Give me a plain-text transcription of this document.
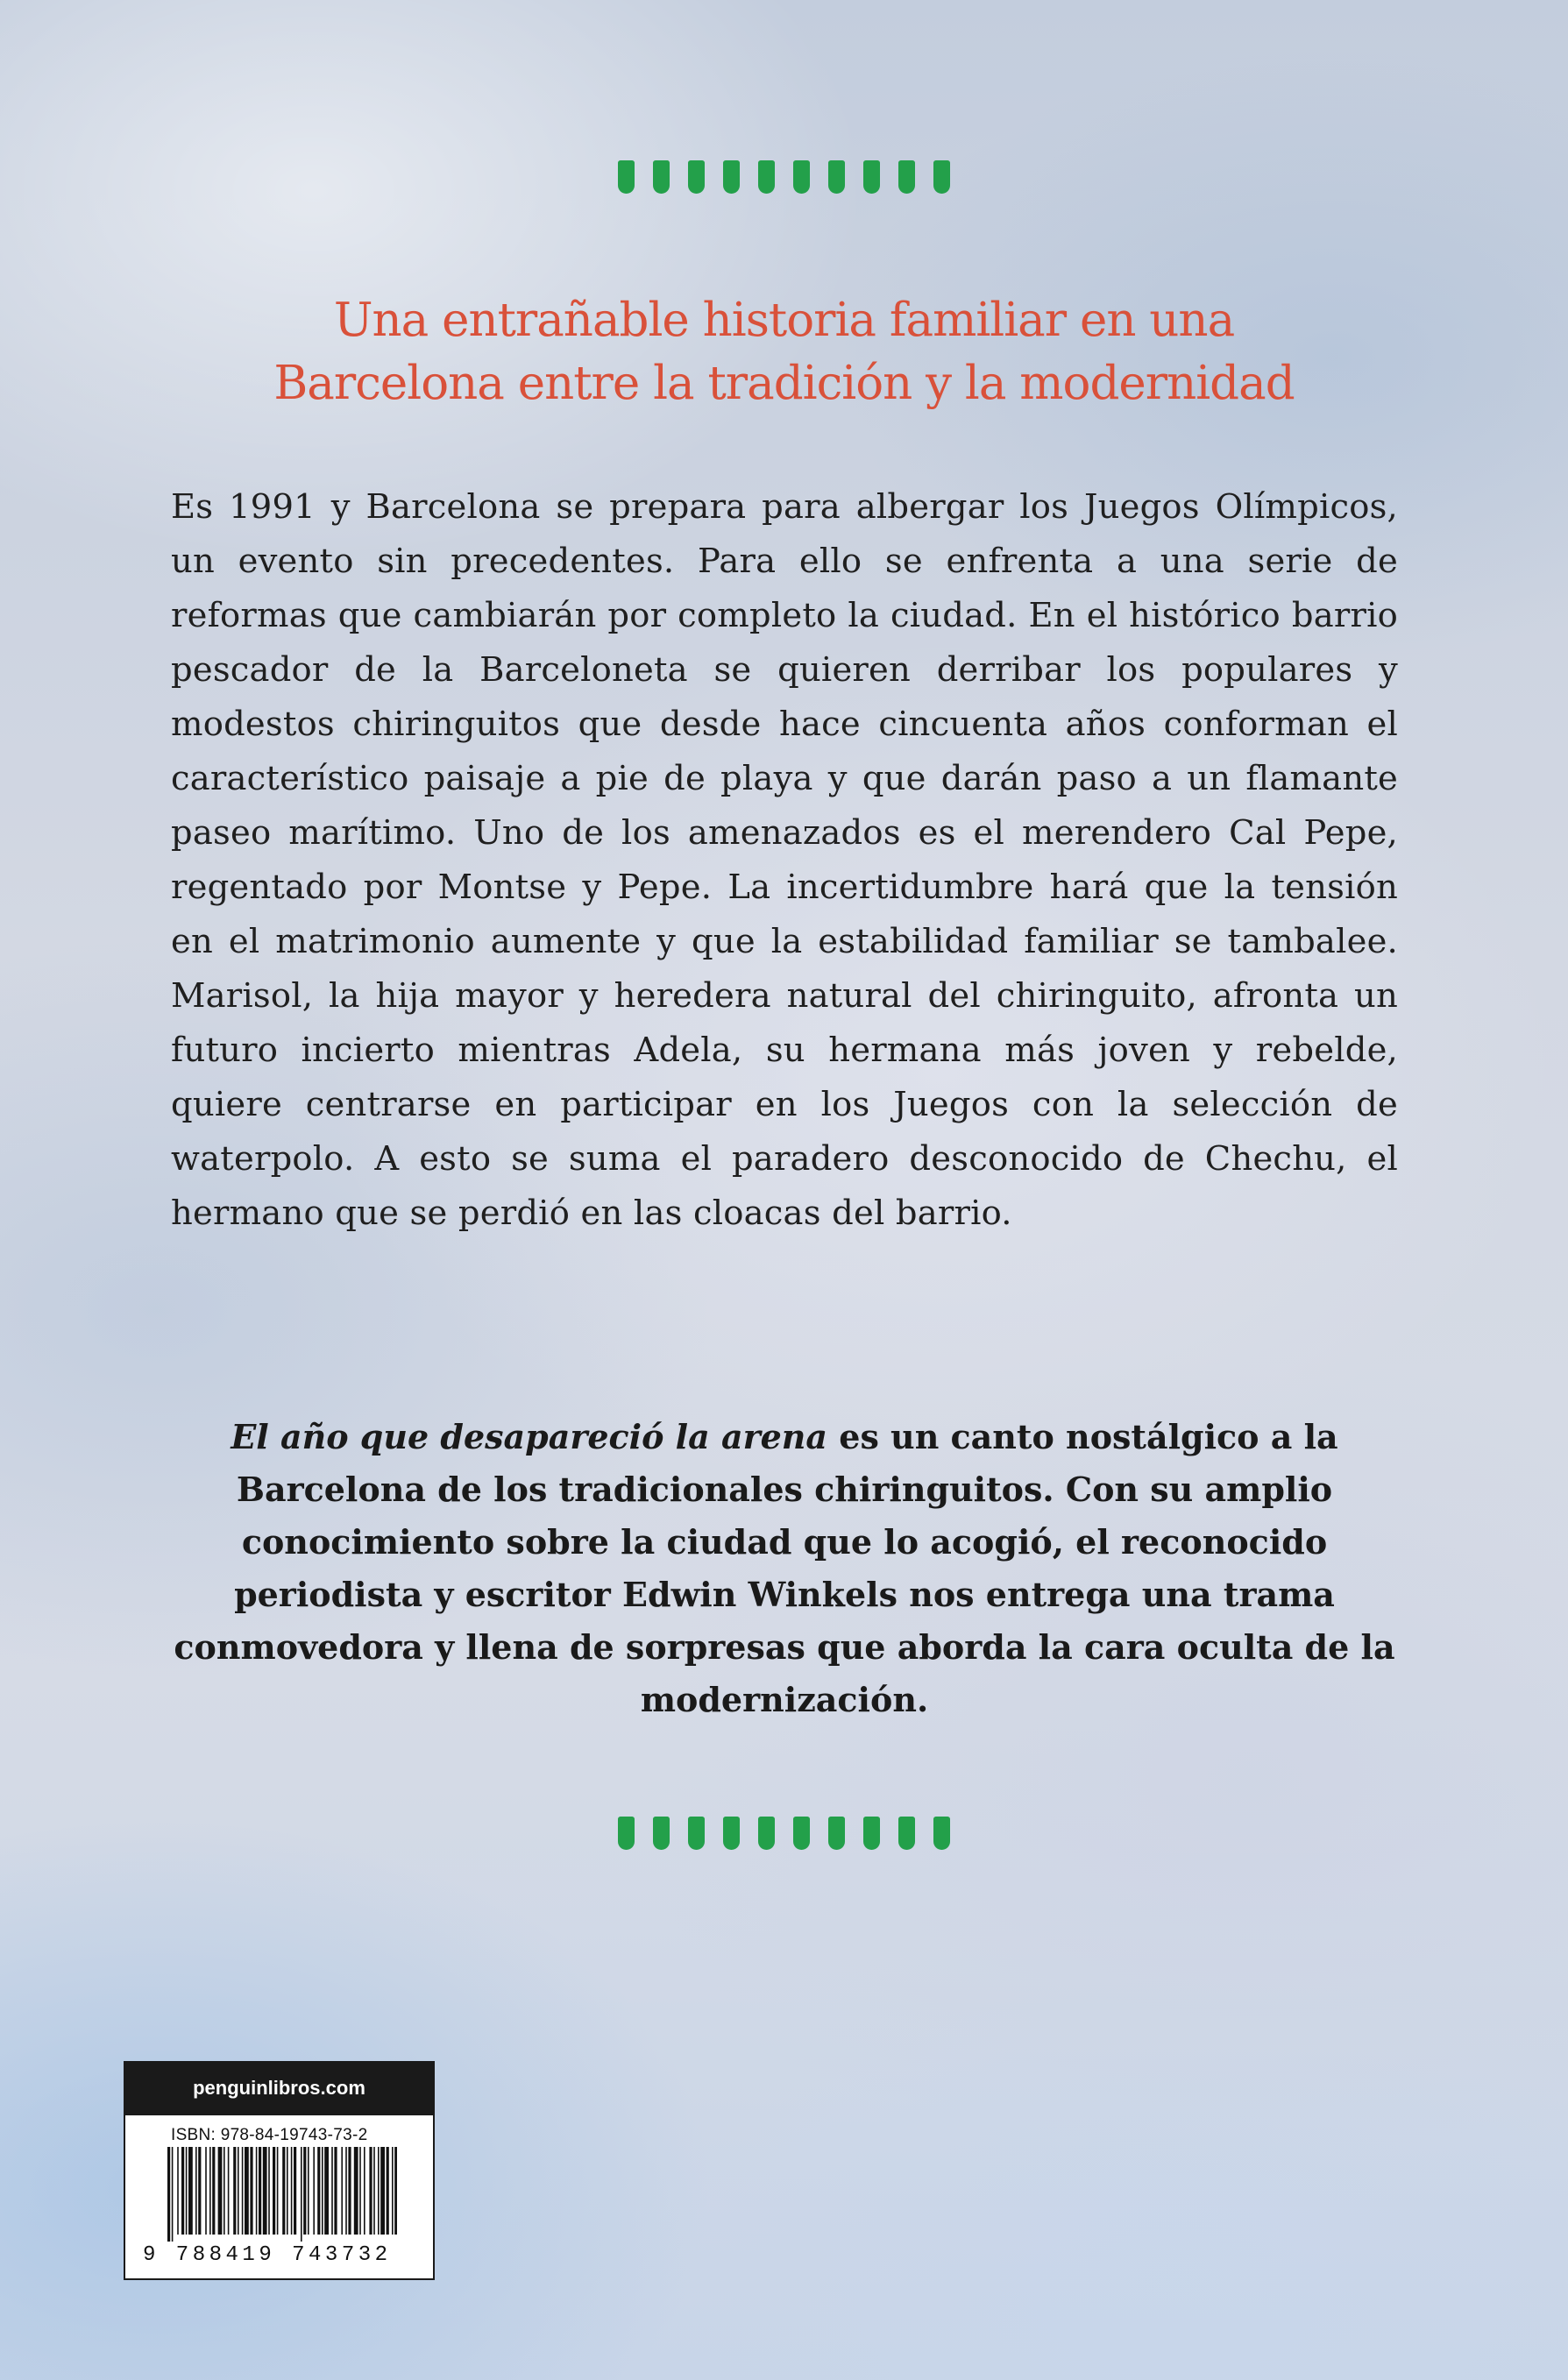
Una entrañable historia familiar en una
Barcelona entre la tradición y la modernidad

Es 1991 y Barcelona se prepara para albergar los Juegos Olímpicos, un evento sin precedentes. Para ello se enfrenta a una serie de reformas que cambiarán por completo la ciudad. En el histórico barrio pescador de la Barceloneta se quieren derribar los populares y modestos chiringuitos que desde hace cincuenta años conforman el característico paisaje a pie de playa y que darán paso a un flamante paseo marítimo. Uno de los amenazados es el merendero Cal Pepe, regentado por Montse y Pepe. La incertidumbre hará que la tensión en el matrimonio aumente y que la estabilidad familiar se tambalee. Marisol, la hija mayor y heredera natural del chiringuito, afronta un futuro incierto mientras Adela, su hermana más joven y rebelde, quiere centrarse en participar en los Juegos con la selección de waterpolo. A esto se suma el paradero desconocido de Chechu, el hermano que se perdió en las cloacas del barrio.

El año que desapareció la arena es un canto nostálgico a la Barcelona de los tradicionales chiringuitos. Con su amplio conocimiento sobre la ciudad que lo acogió, el reconocido periodista y escritor Edwin Winkels nos entrega una trama conmovedora y llena de sorpresas que aborda la cara oculta de la modernización.

penguinlibros.com
ISBN: 978-84-19743-73-2
9 788419 743732
